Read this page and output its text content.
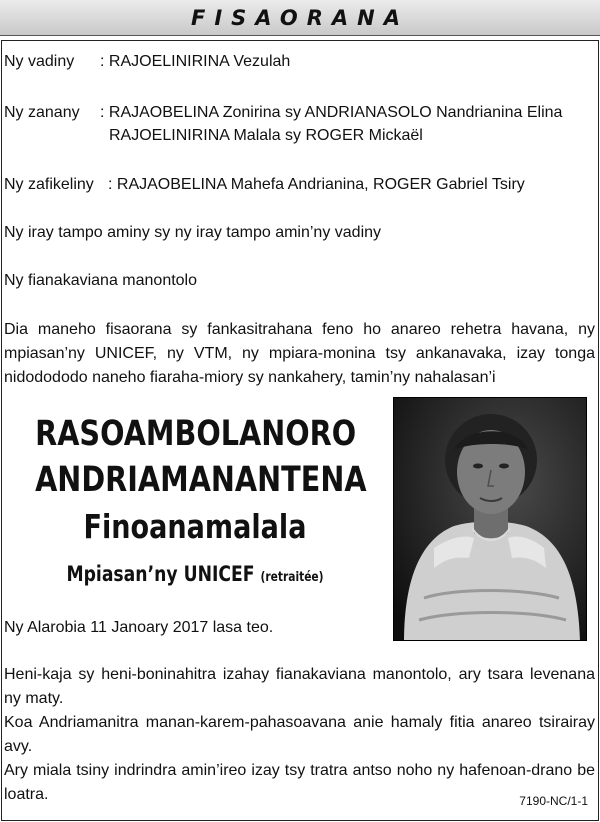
FISAORANA
Ny vadiny : RAJOELINIRINA Vezulah
Ny zanany : RAJAOBELINA Zonirina sy ANDRIANASOLO Nandrianina Elina
RAJOELINIRINA Malala sy ROGER Mickaël
Ny zafikeliny : RAJAOBELINA Mahefa Andrianina, ROGER Gabriel Tsiry
Ny iray tampo aminy sy ny iray tampo amin’ny vadiny
Ny fianakaviana manontolo
Dia maneho fisaorana sy fankasitrahana feno ho anareo rehetra havana, ny mpiasan’ny UNICEF, ny VTM, ny mpiara-monina tsy ankanavaka, izay tonga nidodododo naneho fiaraha-miory sy nankahery, tamin’ny nahalasan’i
RASOAMBOLANORO
ANDRIAMANANTENA
Finoanamalala
Mpiasan’ny UNICEF (retraitée)
Ny Alarobia 11 Janoary 2017 lasa teo.
Heni-kaja sy heni-boninahitra izahay fianakaviana manontolo, ary tsara levenana ny maty.
Koa Andriamanitra manan-karem-pahasoavana anie hamaly fitia anareo tsirairay avy.
Ary miala tsiny indrindra amin’ireo izay tsy tratra antso noho ny hafenoan-drano be loatra.	7190-NC/1-1
